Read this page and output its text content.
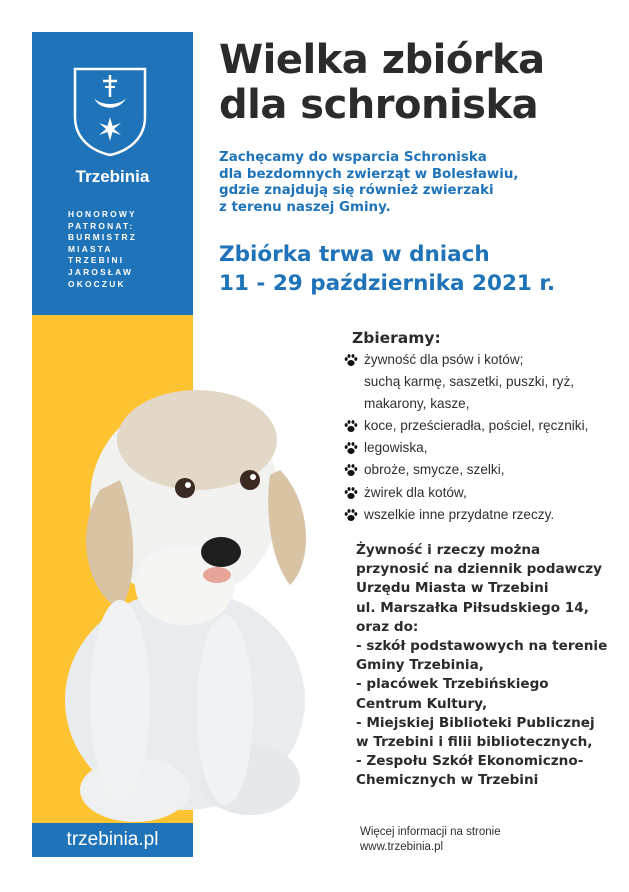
Trzebinia
HONOROWY
PATRONAT:
BURMISTRZ
MIASTA
TRZEBINI
JAROSŁAW
OKOCZUK
trzebinia.pl
Wielka zbiórka
dla schroniska
Zachęcamy do wsparcia Schroniska
dla bezdomnych zwierząt w Bolesławiu,
gdzie znajdują się również zwierzaki
z terenu naszej Gminy.
Zbiórka trwa w dniach
11 - 29 października 2021 r.
Zbieramy:
żywność dla psów i kotów;
suchą karmę, saszetki, puszki, ryż,
makarony, kasze,
koce, prześcieradła, pościel, ręczniki,
legowiska,
obroże, smycze, szelki,
żwirek dla kotów,
wszelkie inne przydatne rzeczy.
Żywność i rzeczy można
przynosić na dziennik podawczy
Urzędu Miasta w Trzebini
ul. Marszałka Piłsudskiego 14,
oraz do:
- szkół podstawowych na terenie
Gminy Trzebinia,
- placówek Trzebińskiego
Centrum Kultury,
- Miejskiej Biblioteki Publicznej
w Trzebini i filii bibliotecznych,
- Zespołu Szkół Ekonomiczno-
Chemicznych w Trzebini
Więcej informacji na stronie
www.trzebinia.pl
